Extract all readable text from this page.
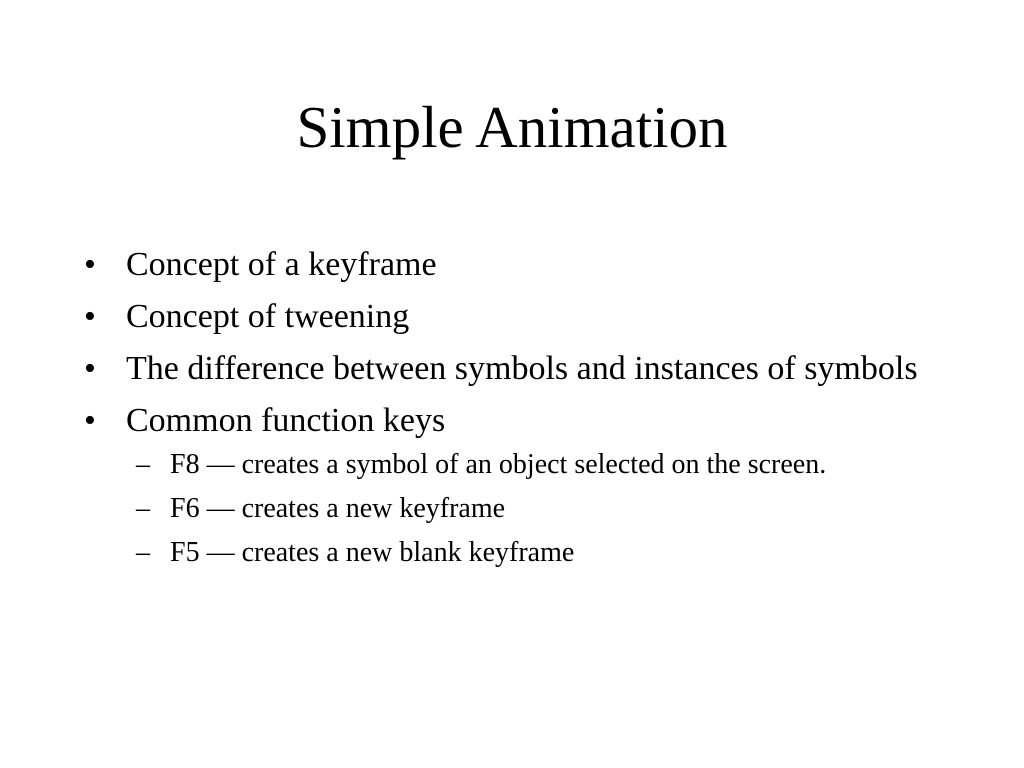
Simple Animation
• Concept of a keyframe
• Concept of tweening
• The difference between symbols and instances of symbols
• Common function keys
– F8 — creates a symbol of an object selected on the screen.
– F6 — creates a new keyframe
– F5 — creates a new blank keyframe
